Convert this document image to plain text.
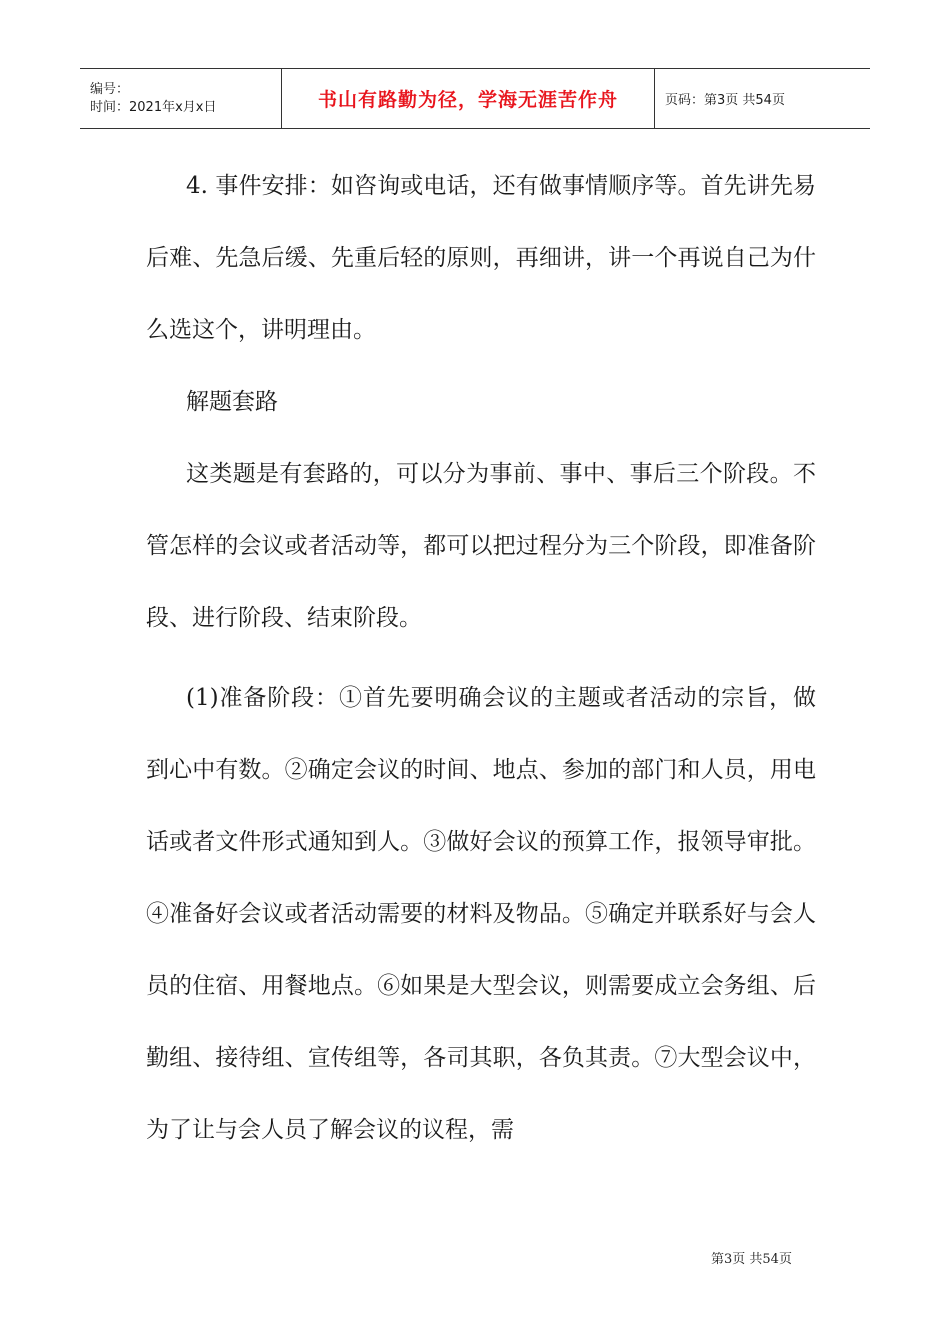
编号：
时间：2021年x月x日	书山有路勤为径，学海无涯苦作舟	页码：第3页 共54页

4. 事件安排：如咨询或电话，还有做事情顺序等。首先讲先易后难、先急后缓、先重后轻的原则，再细讲，讲一个再说自己为什么选这个，讲明理由。

解题套路

这类题是有套路的，可以分为事前、事中、事后三个阶段。不管怎样的会议或者活动等，都可以把过程分为三个阶段，即准备阶段、进行阶段、结束阶段。

(1)准备阶段：①首先要明确会议的主题或者活动的宗旨，做到心中有数。②确定会议的时间、地点、参加的部门和人员，用电话或者文件形式通知到人。③做好会议的预算工作，报领导审批。④准备好会议或者活动需要的材料及物品。⑤确定并联系好与会人员的住宿、用餐地点。⑥如果是大型会议，则需要成立会务组、后勤组、接待组、宣传组等，各司其职，各负其责。⑦大型会议中，为了让与会人员了解会议的议程，需

第3页 共54页
